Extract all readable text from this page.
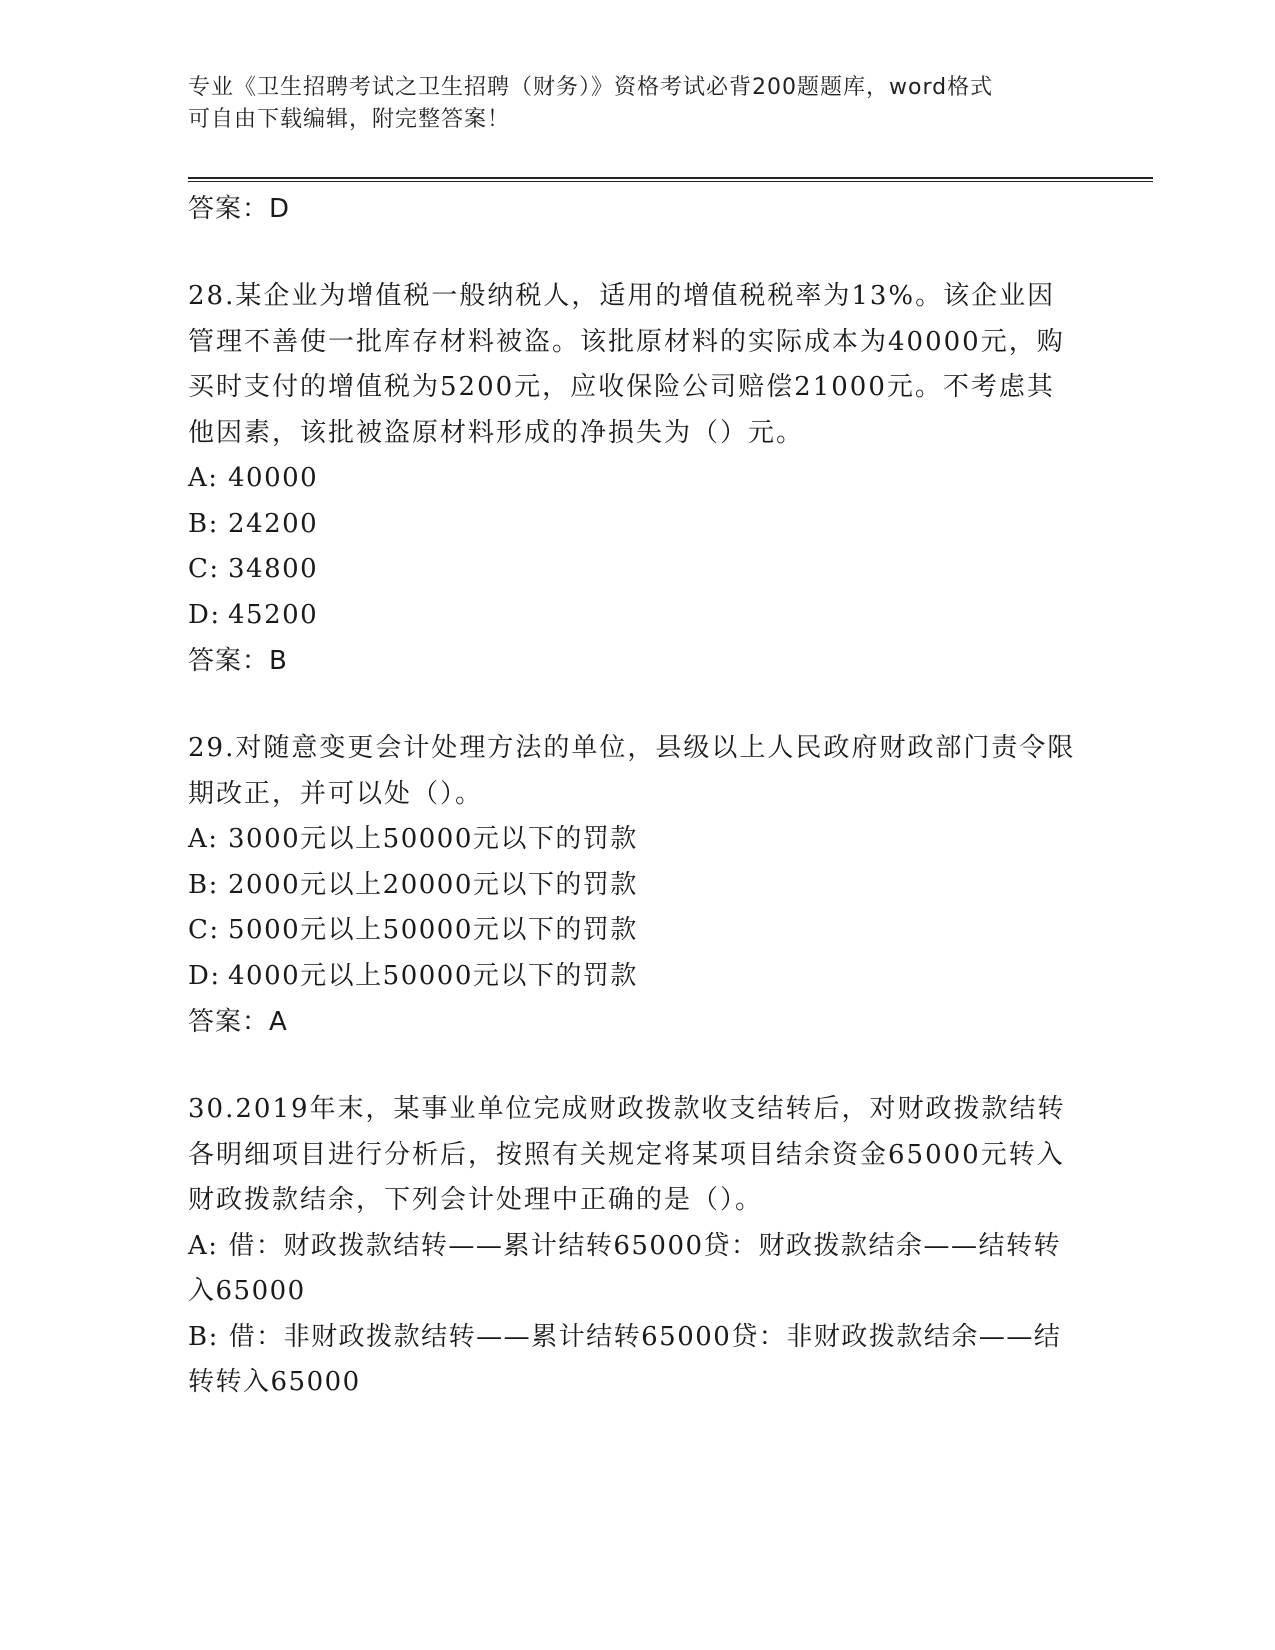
专业《卫生招聘考试之卫生招聘（财务）》资格考试必背200题题库，word格式
可自由下载编辑，附完整答案！

答案：D

28.某企业为增值税一般纳税人，适用的增值税税率为13%。该企业因管理不善使一批库存材料被盗。该批原材料的实际成本为40000元，购买时支付的增值税为5200元，应收保险公司赔偿21000元。不考虑其他因素，该批被盗原材料形成的净损失为（）元。

A: 40000

B: 24200

C: 34800

D: 45200

答案：B

29.对随意变更会计处理方法的单位，县级以上人民政府财政部门责令限期改正，并可以处（）。

A: 3000元以上50000元以下的罚款

B: 2000元以上20000元以下的罚款

C: 5000元以上50000元以下的罚款

D: 4000元以上50000元以下的罚款

答案：A

30.2019年末，某事业单位完成财政拨款收支结转后，对财政拨款结转各明细项目进行分析后，按照有关规定将某项目结余资金65000元转入财政拨款结余，下列会计处理中正确的是（）。

A: 借：财政拨款结转——累计结转65000贷：财政拨款结余——结转转入65000

B: 借：非财政拨款结转——累计结转65000贷：非财政拨款结余——结转转入65000
